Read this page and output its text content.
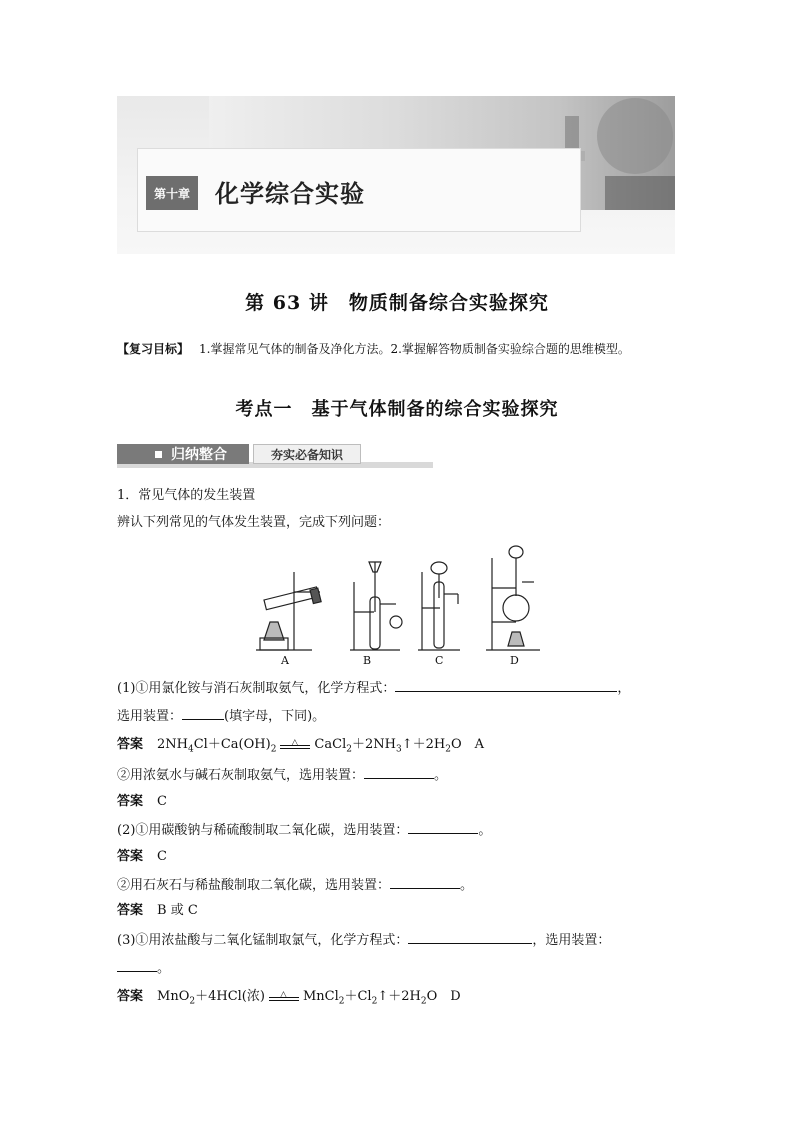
第十章	化学综合实验
第 63 讲　物质制备综合实验探究
【复习目标】 1.掌握常见气体的制备及净化方法。2.掌握解答物质制备实验综合题的思维模型。
考点一　基于气体制备的综合实验探究
归纳整合	夯实必备知识
1．常见气体的发生装置
辨认下列常见的气体发生装置，完成下列问题：
A	B	C	D
(1)①用氯化铵与消石灰制取氨气，化学方程式：	，
选用装置：	(填字母，下同)。
答案 $2NH_4Cl+Ca(OH)_2$
△ $CaCl_2+2NH_3↑+2H_2O$　A
②用浓氨水与碱石灰制取氨气，选用装置：	。
答案 C
(2)①用碳酸钠与稀硫酸制取二氧化碳，选用装置：	。
答案 C
②用石灰石与稀盐酸制取二氧化碳，选用装置：	。
答案 B 或 C
(3)①用浓盐酸与二氧化锰制取氯气，化学方程式：	，选用装置：
。
答案 MnO$_2$＋4HCl(浓) △ $MnCl_2+Cl_2↑+2H_2O$　D
